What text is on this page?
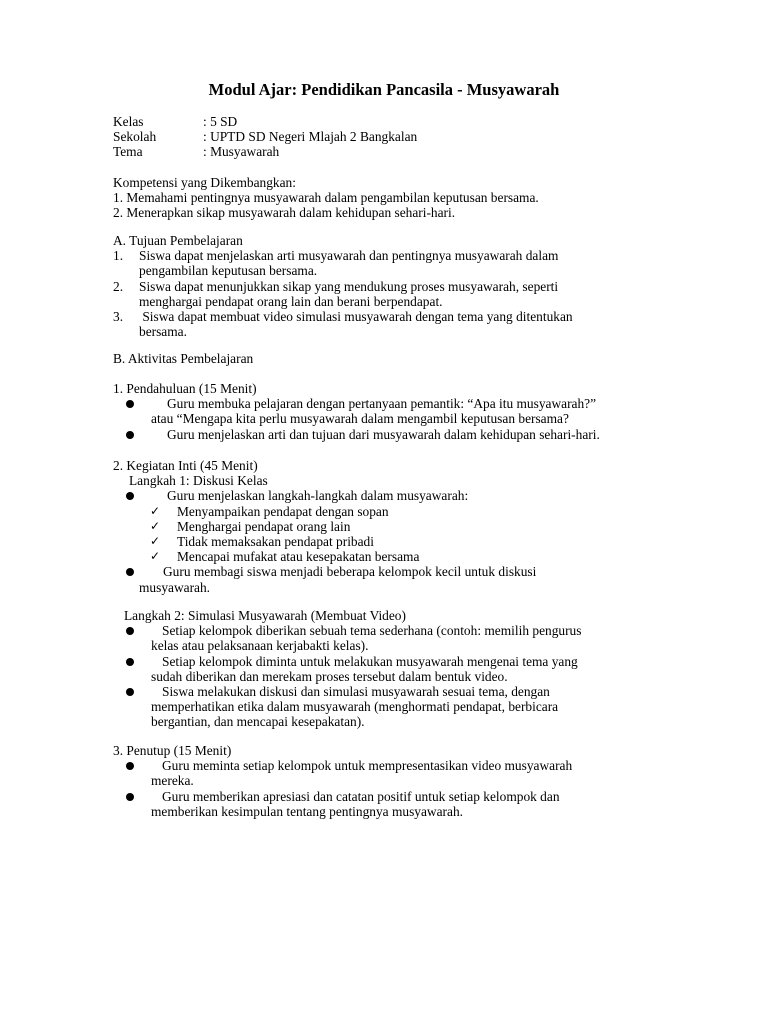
Modul Ajar: Pendidikan Pancasila - Musyawarah
Kelas	: 5 SD
Sekolah	: UPTD SD Negeri Mlajah 2 Bangkalan
Tema	: Musyawarah
Kompetensi yang Dikembangkan:
1. Memahami pentingnya musyawarah dalam pengambilan keputusan bersama.
2. Menerapkan sikap musyawarah dalam kehidupan sehari-hari.
A. Tujuan Pembelajaran
1. Siswa dapat menjelaskan arti musyawarah dan pentingnya musyawarah dalam
pengambilan keputusan bersama.
2. Siswa dapat menunjukkan sikap yang mendukung proses musyawarah, seperti
menghargai pendapat orang lain dan berani berpendapat.
3. Siswa dapat membuat video simulasi musyawarah dengan tema yang ditentukan
bersama.
B. Aktivitas Pembelajaran
1. Pendahuluan (15 Menit)
Guru membuka pelajaran dengan pertanyaan pemantik: “Apa itu musyawarah?”
atau “Mengapa kita perlu musyawarah dalam mengambil keputusan bersama?
Guru menjelaskan arti dan tujuan dari musyawarah dalam kehidupan sehari-hari.
2. Kegiatan Inti (45 Menit)
Langkah 1: Diskusi Kelas
Guru menjelaskan langkah-langkah dalam musyawarah:
✓ Menyampaikan pendapat dengan sopan
✓ Menghargai pendapat orang lain
✓ Tidak memaksakan pendapat pribadi
✓ Mencapai mufakat atau kesepakatan bersama
Guru membagi siswa menjadi beberapa kelompok kecil untuk diskusi
musyawarah.
Langkah 2: Simulasi Musyawarah (Membuat Video)
Setiap kelompok diberikan sebuah tema sederhana (contoh: memilih pengurus
kelas atau pelaksanaan kerjabakti kelas).
Setiap kelompok diminta untuk melakukan musyawarah mengenai tema yang
sudah diberikan dan merekam proses tersebut dalam bentuk video.
Siswa melakukan diskusi dan simulasi musyawarah sesuai tema, dengan
memperhatikan etika dalam musyawarah (menghormati pendapat, berbicara
bergantian, dan mencapai kesepakatan).
3. Penutup (15 Menit)
Guru meminta setiap kelompok untuk mempresentasikan video musyawarah
mereka.
Guru memberikan apresiasi dan catatan positif untuk setiap kelompok dan
memberikan kesimpulan tentang pentingnya musyawarah.
